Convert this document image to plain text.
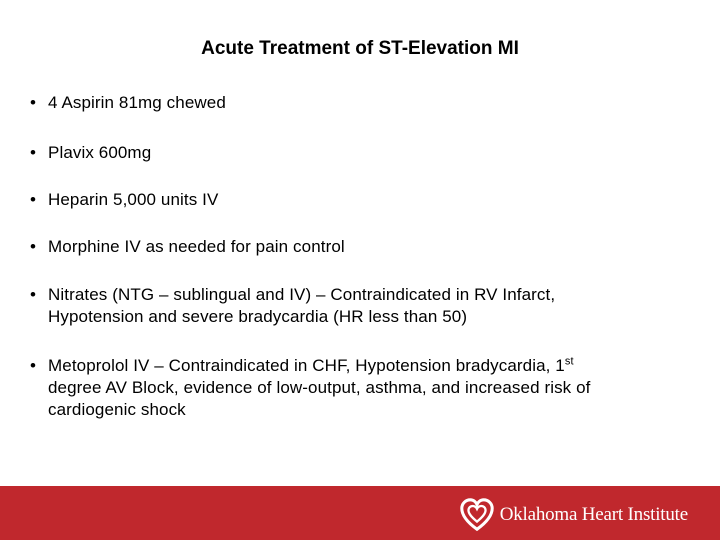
Acute Treatment of ST-Elevation MI
• 4 Aspirin 81mg chewed
• Plavix 600mg
• Heparin 5,000 units IV
• Morphine IV as needed for pain control
• Nitrates (NTG – sublingual and IV) – Contraindicated in RV Infarct,
Hypotension and severe bradycardia (HR less than 50)
• Metoprolol IV – Contraindicated in CHF, Hypotension bradycardia, 1st
degree AV Block, evidence of low-output, asthma, and increased risk of
cardiogenic shock
Oklahoma Heart Institute
